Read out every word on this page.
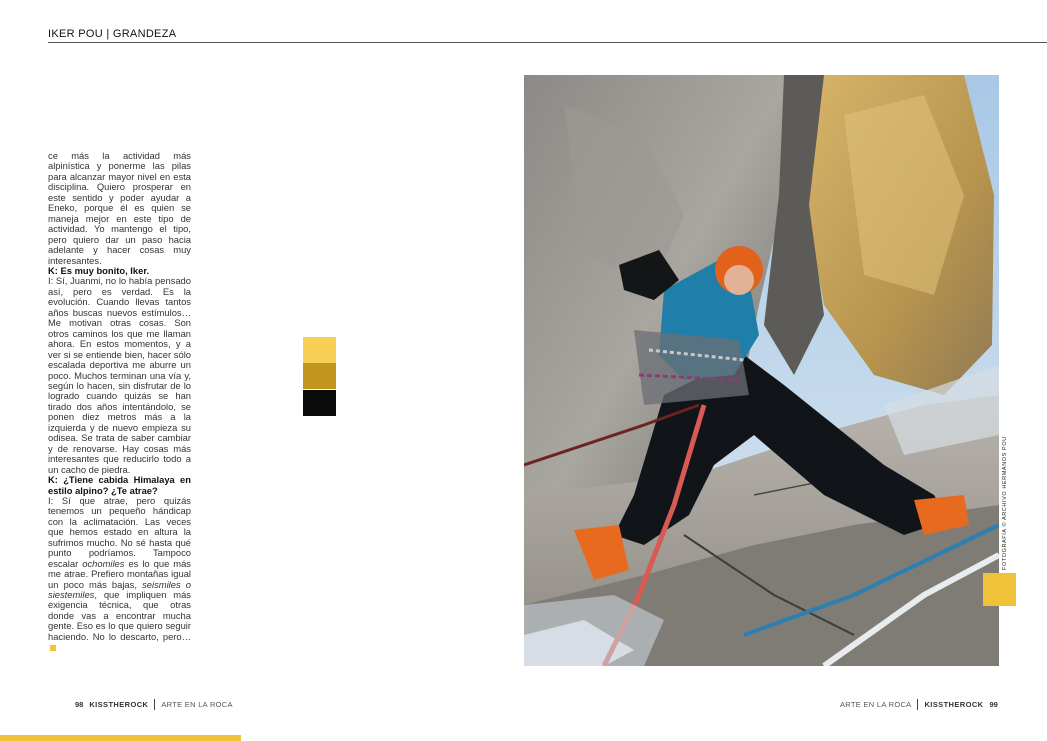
IKER POU | GRANDEZA

ce más la actividad más alpinística y ponerme las pilas para alcanzar mayor nivel en esta disciplina. Quiero prosperar en este sentido y poder ayudar a Eneko, porque él es quien se maneja mejor en este tipo de actividad. Yo mantengo el tipo, pero quiero dar un paso hacia adelante y hacer cosas muy interesantes.

K: Es muy bonito, Iker.

I: Sí, Juanmi, no lo había pensado así, pero es verdad. Es la evolución. Cuando llevas tantos años buscas nuevos estímulos… Me motivan otras cosas. Son otros caminos los que me llaman ahora. En estos momentos, y a ver si se entiende bien, hacer sólo escalada deportiva me aburre un poco. Muchos terminan una vía y, según lo hacen, sin disfrutar de lo logrado cuando quizás se han tirado dos años intentándolo, se ponen diez metros más a la izquierda y de nuevo empieza su odisea. Se trata de saber cambiar y de renovarse. Hay cosas más interesantes que reducirlo todo a un cacho de piedra.

K: ¿Tiene cabida Himalaya en estilo alpino? ¿Te atrae?

I: Sí que atrae, pero quizás tenemos un pequeño hándicap con la aclimatación. Las veces que hemos estado en altura la sufrimos mucho. No sé hasta qué punto podríamos. Tampoco escalar ochomiles es lo que más me atrae. Prefiero montañas igual un poco más bajas, seismiles o siestemiles, que impliquen más exigencia técnica, que otras donde vas a encontrar mucha gente. Eso es lo que quiero seguir haciendo. No lo descarto, pero…

FOTOGRAFÍA © ARCHIVO HERMANOS POU
98 KISSTHEROCK ARTE EN LA ROCA	ARTE EN LA ROCA KISSTHEROCK 99
